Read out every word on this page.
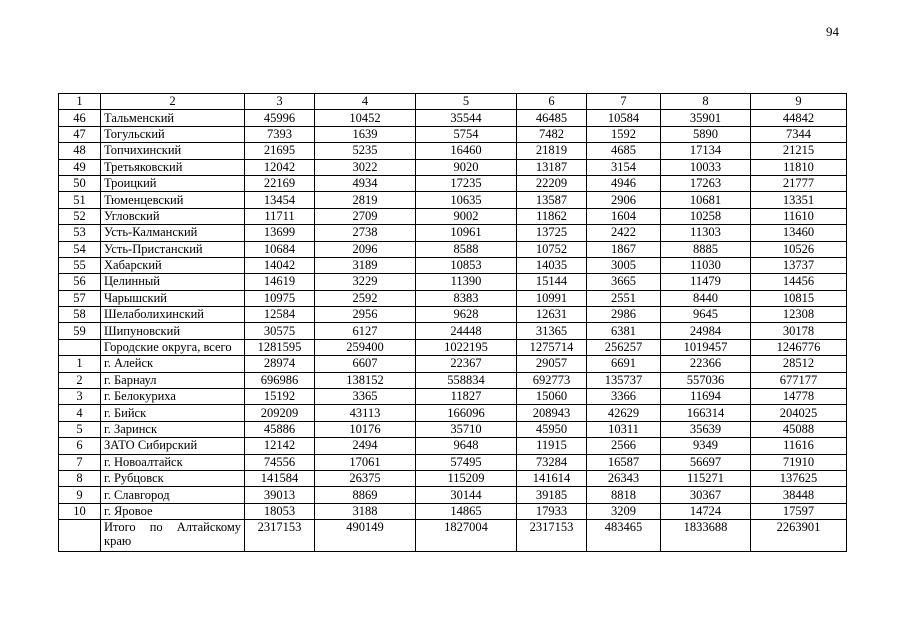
94
1	2	3	4	5	6	7	8	9
46	Тальменский	45996	10452	35544	46485	10584	35901	44842
47	Тогульский	7393	1639	5754	7482	1592	5890	7344
48	Топчихинский	21695	5235	16460	21819	4685	17134	21215
49	Третьяковский	12042	3022	9020	13187	3154	10033	11810
50	Троицкий	22169	4934	17235	22209	4946	17263	21777
51	Тюменцевский	13454	2819	10635	13587	2906	10681	13351
52	Угловский	11711	2709	9002	11862	1604	10258	11610
53	Усть-Калманский	13699	2738	10961	13725	2422	11303	13460
54	Усть-Пристанский	10684	2096	8588	10752	1867	8885	10526
55	Хабарский	14042	3189	10853	14035	3005	11030	13737
56	Целинный	14619	3229	11390	15144	3665	11479	14456
57	Чарышский	10975	2592	8383	10991	2551	8440	10815
58	Шелаболихинский	12584	2956	9628	12631	2986	9645	12308
59	Шипуновский	30575	6127	24448	31365	6381	24984	30178
	Городские округа, всего	1281595	259400	1022195	1275714	256257	1019457	1246776
1	г. Алейск	28974	6607	22367	29057	6691	22366	28512
2	г. Барнаул	696986	138152	558834	692773	135737	557036	677177
3	г. Белокуриха	15192	3365	11827	15060	3366	11694	14778
4	г. Бийск	209209	43113	166096	208943	42629	166314	204025
5	г. Заринск	45886	10176	35710	45950	10311	35639	45088
6	ЗАТО Сибирский	12142	2494	9648	11915	2566	9349	11616
7	г. Новоалтайск	74556	17061	57495	73284	16587	56697	71910
8	г. Рубцовск	141584	26375	115209	141614	26343	115271	137625
9	г. Славгород	39013	8869	30144	39185	8818	30367	38448
10	г. Яровое	18053	3188	14865	17933	3209	14724	17597
	Итого по Алтайскому краю	2317153	490149	1827004	2317153	483465	1833688	2263901
